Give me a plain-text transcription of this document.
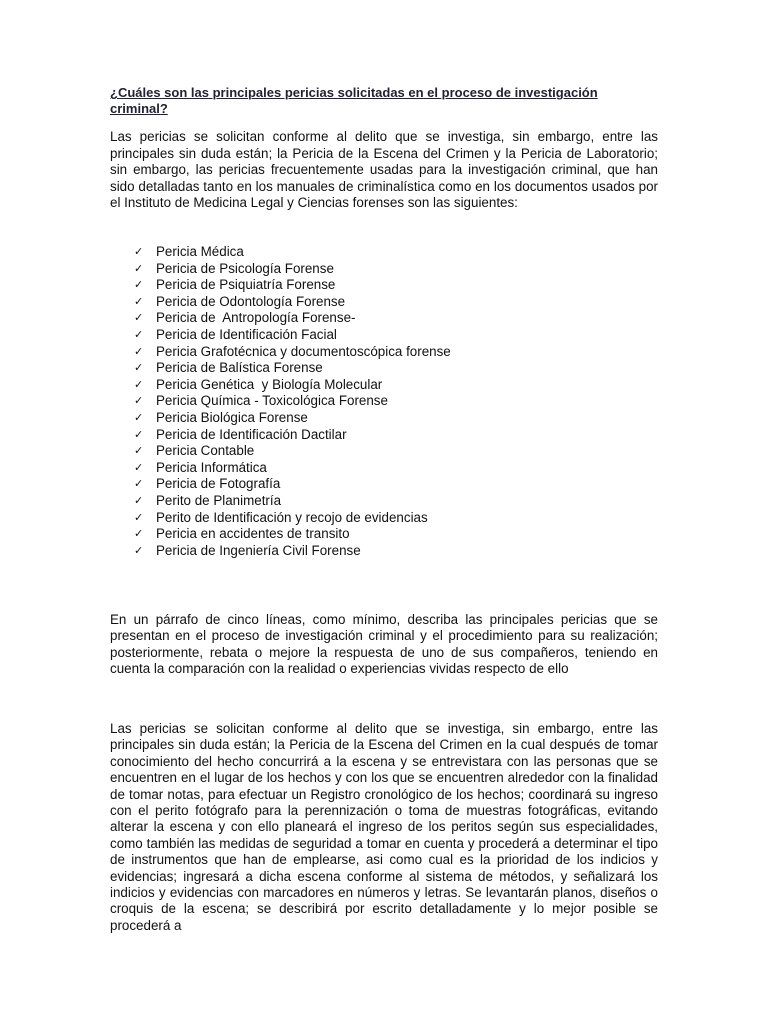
¿Cuáles son las principales pericias solicitadas en el proceso de investigación criminal?

Las pericias se solicitan conforme al delito que se investiga, sin embargo, entre las principales sin duda están; la Pericia de la Escena del Crimen y la Pericia de Laboratorio; sin embargo, las pericias frecuentemente usadas para la investigación criminal, que han sido detalladas tanto en los manuales de criminalística como en los documentos usados por el Instituto de Medicina Legal y Ciencias forenses son las siguientes:

✓ Pericia Médica
✓ Pericia de Psicología Forense
✓ Pericia de Psiquiatría Forense
✓ Pericia de Odontología Forense
✓ Pericia de  Antropología Forense-
✓ Pericia de Identificación Facial
✓ Pericia Grafotécnica y documentoscópica forense
✓ Pericia de Balística Forense
✓ Pericia Genética  y Biología Molecular
✓ Pericia Química - Toxicológica Forense
✓ Pericia Biológica Forense
✓ Pericia de Identificación Dactilar
✓ Pericia Contable
✓ Pericia Informática
✓ Pericia de Fotografía
✓ Perito de Planimetría
✓ Perito de Identificación y recojo de evidencias
✓ Pericia en accidentes de transito
✓ Pericia de Ingeniería Civil Forense

En un párrafo de cinco líneas, como mínimo, describa las principales pericias que se presentan en el proceso de investigación criminal y el procedimiento para su realización; posteriormente, rebata o mejore la respuesta de uno de sus compañeros, teniendo en cuenta la comparación con la realidad o experiencias vividas respecto de ello

Las pericias se solicitan conforme al delito que se investiga, sin embargo, entre las principales sin duda están; la Pericia de la Escena del Crimen en la cual después de tomar conocimiento del hecho concurrirá a la escena y se entrevistara con las personas que se encuentren en el lugar de los hechos y con los que se encuentren alrededor con la finalidad de tomar notas, para efectuar un Registro cronológico de los hechos; coordinará su ingreso con el perito fotógrafo para la perennización o toma de muestras fotográficas, evitando alterar la escena y con ello planeará el ingreso de los peritos según sus especialidades, como también las medidas de seguridad a tomar en cuenta y procederá a determinar el tipo de instrumentos que han de emplearse, asi como cual es la prioridad de los indicios y evidencias; ingresará a dicha escena conforme al sistema de métodos, y señalizará los indicios y evidencias con marcadores en números y letras. Se levantarán planos, diseños o croquis de la escena; se describirá por escrito detalladamente y lo mejor posible se procederá a
